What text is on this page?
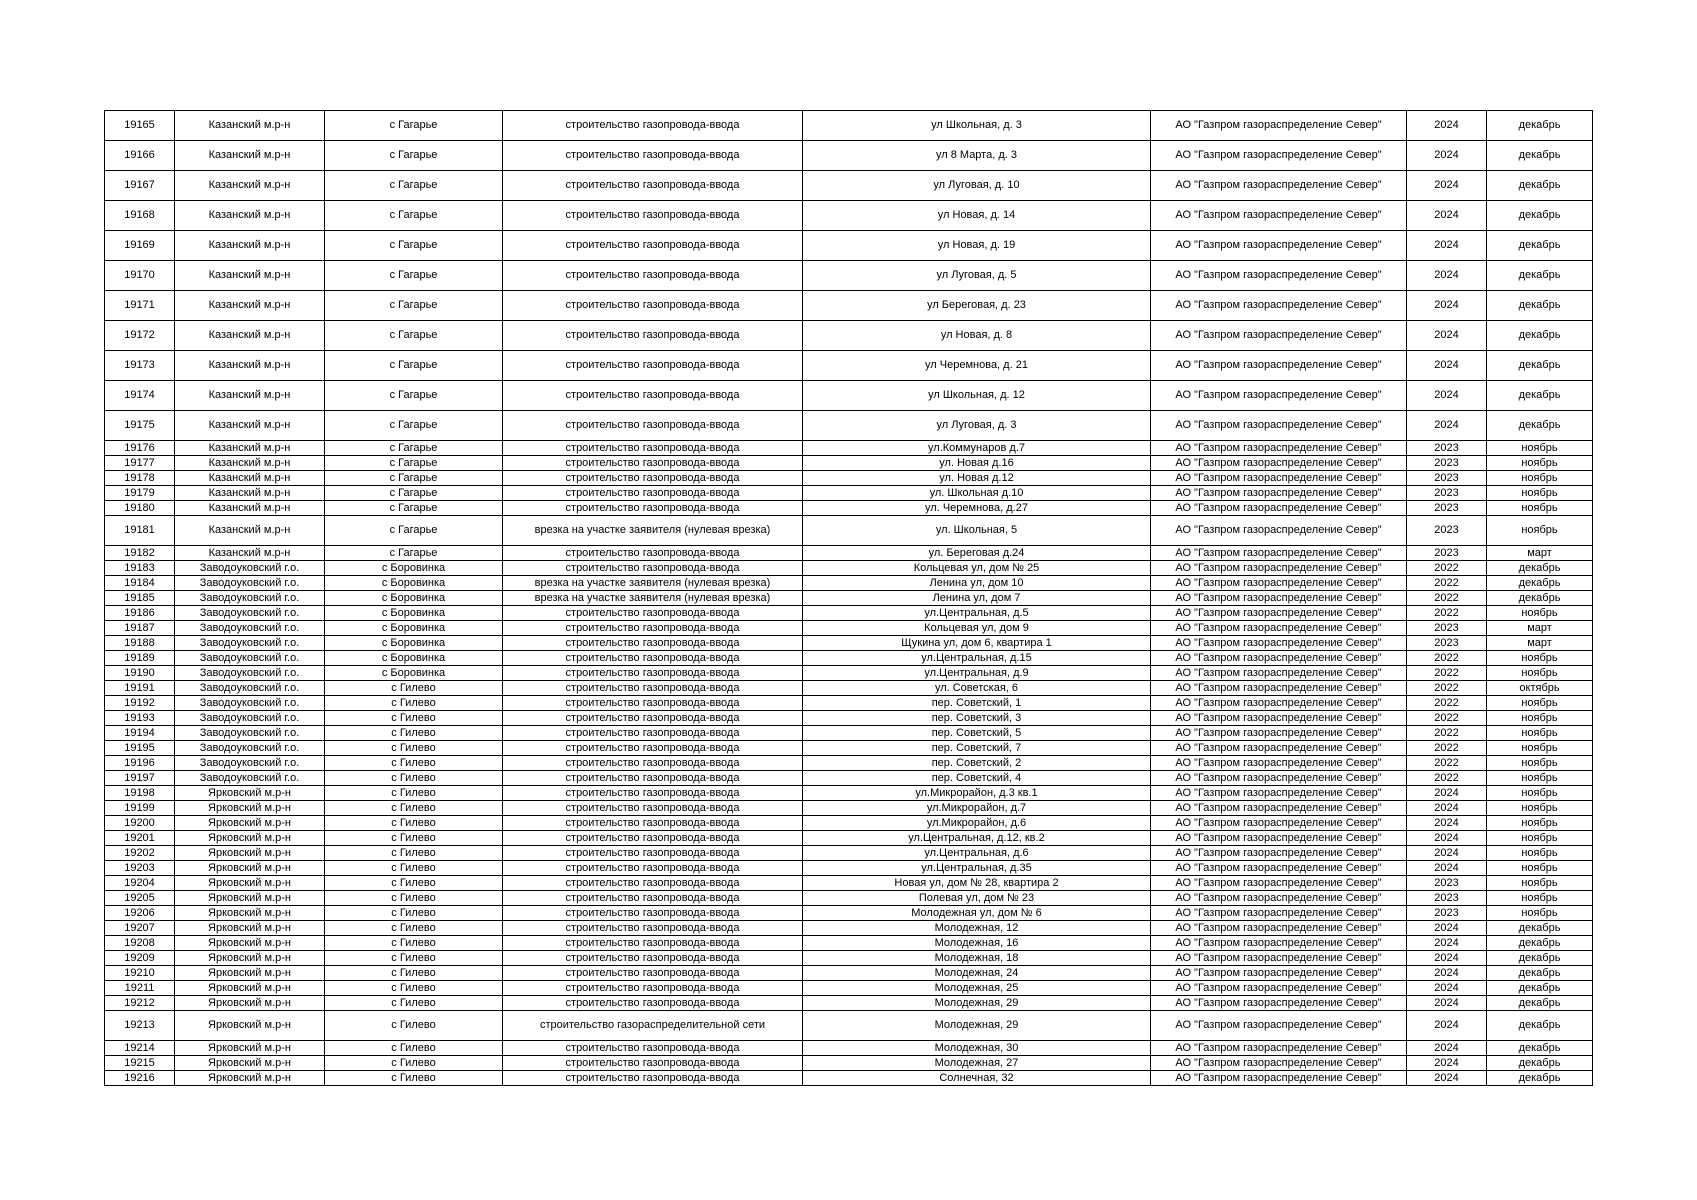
19165	Казанский м.р-н	с Гагарье	строительство газопровода-ввода	ул Школьная, д. 3	АО "Газпром газораспределение Север"	2024	декабрь
19166	Казанский м.р-н	с Гагарье	строительство газопровода-ввода	ул 8 Марта, д. 3	АО "Газпром газораспределение Север"	2024	декабрь
19167	Казанский м.р-н	с Гагарье	строительство газопровода-ввода	ул Луговая, д. 10	АО "Газпром газораспределение Север"	2024	декабрь
19168	Казанский м.р-н	с Гагарье	строительство газопровода-ввода	ул Новая, д. 14	АО "Газпром газораспределение Север"	2024	декабрь
19169	Казанский м.р-н	с Гагарье	строительство газопровода-ввода	ул Новая, д. 19	АО "Газпром газораспределение Север"	2024	декабрь
19170	Казанский м.р-н	с Гагарье	строительство газопровода-ввода	ул Луговая, д. 5	АО "Газпром газораспределение Север"	2024	декабрь
19171	Казанский м.р-н	с Гагарье	строительство газопровода-ввода	ул Береговая, д. 23	АО "Газпром газораспределение Север"	2024	декабрь
19172	Казанский м.р-н	с Гагарье	строительство газопровода-ввода	ул Новая, д. 8	АО "Газпром газораспределение Север"	2024	декабрь
19173	Казанский м.р-н	с Гагарье	строительство газопровода-ввода	ул Черемнова, д. 21	АО "Газпром газораспределение Север"	2024	декабрь
19174	Казанский м.р-н	с Гагарье	строительство газопровода-ввода	ул Школьная, д. 12	АО "Газпром газораспределение Север"	2024	декабрь
19175	Казанский м.р-н	с Гагарье	строительство газопровода-ввода	ул Луговая, д. 3	АО "Газпром газораспределение Север"	2024	декабрь
19176	Казанский м.р-н	с Гагарье	строительство газопровода-ввода	ул.Коммунаров д.7	АО "Газпром газораспределение Север"	2023	ноябрь
19177	Казанский м.р-н	с Гагарье	строительство газопровода-ввода	ул. Новая д.16	АО "Газпром газораспределение Север"	2023	ноябрь
19178	Казанский м.р-н	с Гагарье	строительство газопровода-ввода	ул. Новая д.12	АО "Газпром газораспределение Север"	2023	ноябрь
19179	Казанский м.р-н	с Гагарье	строительство газопровода-ввода	ул. Школьная д.10	АО "Газпром газораспределение Север"	2023	ноябрь
19180	Казанский м.р-н	с Гагарье	строительство газопровода-ввода	ул. Черемнова, д.27	АО "Газпром газораспределение Север"	2023	ноябрь
19181	Казанский м.р-н	с Гагарье	врезка на участке заявителя (нулевая врезка)	ул. Школьная, 5	АО "Газпром газораспределение Север"	2023	ноябрь
19182	Казанский м.р-н	с Гагарье	строительство газопровода-ввода	ул. Береговая д.24	АО "Газпром газораспределение Север"	2023	март
19183	Заводоуковский г.о.	с Боровинка	строительство газопровода-ввода	Кольцевая ул, дом № 25	АО "Газпром газораспределение Север"	2022	декабрь
19184	Заводоуковский г.о.	с Боровинка	врезка на участке заявителя (нулевая врезка)	Ленина ул, дом 10	АО "Газпром газораспределение Север"	2022	декабрь
19185	Заводоуковский г.о.	с Боровинка	врезка на участке заявителя (нулевая врезка)	Ленина ул, дом 7	АО "Газпром газораспределение Север"	2022	декабрь
19186	Заводоуковский г.о.	с Боровинка	строительство газопровода-ввода	ул.Центральная, д.5	АО "Газпром газораспределение Север"	2022	ноябрь
19187	Заводоуковский г.о.	с Боровинка	строительство газопровода-ввода	Кольцевая ул, дом 9	АО "Газпром газораспределение Север"	2023	март
19188	Заводоуковский г.о.	с Боровинка	строительство газопровода-ввода	Щукина ул, дом 6, квартира 1	АО "Газпром газораспределение Север"	2023	март
19189	Заводоуковский г.о.	с Боровинка	строительство газопровода-ввода	ул.Центральная, д.15	АО "Газпром газораспределение Север"	2022	ноябрь
19190	Заводоуковский г.о.	с Боровинка	строительство газопровода-ввода	ул.Центральная, д.9	АО "Газпром газораспределение Север"	2022	ноябрь
19191	Заводоуковский г.о.	с Гилево	строительство газопровода-ввода	ул. Советская, 6	АО "Газпром газораспределение Север"	2022	октябрь
19192	Заводоуковский г.о.	с Гилево	строительство газопровода-ввода	пер. Советский, 1	АО "Газпром газораспределение Север"	2022	ноябрь
19193	Заводоуковский г.о.	с Гилево	строительство газопровода-ввода	пер. Советский, 3	АО "Газпром газораспределение Север"	2022	ноябрь
19194	Заводоуковский г.о.	с Гилево	строительство газопровода-ввода	пер. Советский, 5	АО "Газпром газораспределение Север"	2022	ноябрь
19195	Заводоуковский г.о.	с Гилево	строительство газопровода-ввода	пер. Советский, 7	АО "Газпром газораспределение Север"	2022	ноябрь
19196	Заводоуковский г.о.	с Гилево	строительство газопровода-ввода	пер. Советский, 2	АО "Газпром газораспределение Север"	2022	ноябрь
19197	Заводоуковский г.о.	с Гилево	строительство газопровода-ввода	пер. Советский, 4	АО "Газпром газораспределение Север"	2022	ноябрь
19198	Ярковский м.р-н	с Гилево	строительство газопровода-ввода	ул.Микрорайон, д.3 кв.1	АО "Газпром газораспределение Север"	2024	ноябрь
19199	Ярковский м.р-н	с Гилево	строительство газопровода-ввода	ул.Микрорайон, д.7	АО "Газпром газораспределение Север"	2024	ноябрь
19200	Ярковский м.р-н	с Гилево	строительство газопровода-ввода	ул.Микрорайон, д.6	АО "Газпром газораспределение Север"	2024	ноябрь
19201	Ярковский м.р-н	с Гилево	строительство газопровода-ввода	ул.Центральная, д.12, кв.2	АО "Газпром газораспределение Север"	2024	ноябрь
19202	Ярковский м.р-н	с Гилево	строительство газопровода-ввода	ул.Центральная, д.6	АО "Газпром газораспределение Север"	2024	ноябрь
19203	Ярковский м.р-н	с Гилево	строительство газопровода-ввода	ул.Центральная, д.35	АО "Газпром газораспределение Север"	2024	ноябрь
19204	Ярковский м.р-н	с Гилево	строительство газопровода-ввода	Новая ул, дом № 28, квартира 2	АО "Газпром газораспределение Север"	2023	ноябрь
19205	Ярковский м.р-н	с Гилево	строительство газопровода-ввода	Полевая ул, дом № 23	АО "Газпром газораспределение Север"	2023	ноябрь
19206	Ярковский м.р-н	с Гилево	строительство газопровода-ввода	Молодежная ул, дом № 6	АО "Газпром газораспределение Север"	2023	ноябрь
19207	Ярковский м.р-н	с Гилево	строительство газопровода-ввода	Молодежная, 12	АО "Газпром газораспределение Север"	2024	декабрь
19208	Ярковский м.р-н	с Гилево	строительство газопровода-ввода	Молодежная, 16	АО "Газпром газораспределение Север"	2024	декабрь
19209	Ярковский м.р-н	с Гилево	строительство газопровода-ввода	Молодежная, 18	АО "Газпром газораспределение Север"	2024	декабрь
19210	Ярковский м.р-н	с Гилево	строительство газопровода-ввода	Молодежная, 24	АО "Газпром газораспределение Север"	2024	декабрь
19211	Ярковский м.р-н	с Гилево	строительство газопровода-ввода	Молодежная, 25	АО "Газпром газораспределение Север"	2024	декабрь
19212	Ярковский м.р-н	с Гилево	строительство газопровода-ввода	Молодежная, 29	АО "Газпром газораспределение Север"	2024	декабрь
19213	Ярковский м.р-н	с Гилево	строительство газораспределительной сети	Молодежная, 29	АО "Газпром газораспределение Север"	2024	декабрь
19214	Ярковский м.р-н	с Гилево	строительство газопровода-ввода	Молодежная, 30	АО "Газпром газораспределение Север"	2024	декабрь
19215	Ярковский м.р-н	с Гилево	строительство газопровода-ввода	Молодежная, 27	АО "Газпром газораспределение Север"	2024	декабрь
19216	Ярковский м.р-н	с Гилево	строительство газопровода-ввода	Солнечная, 32	АО "Газпром газораспределение Север"	2024	декабрь
